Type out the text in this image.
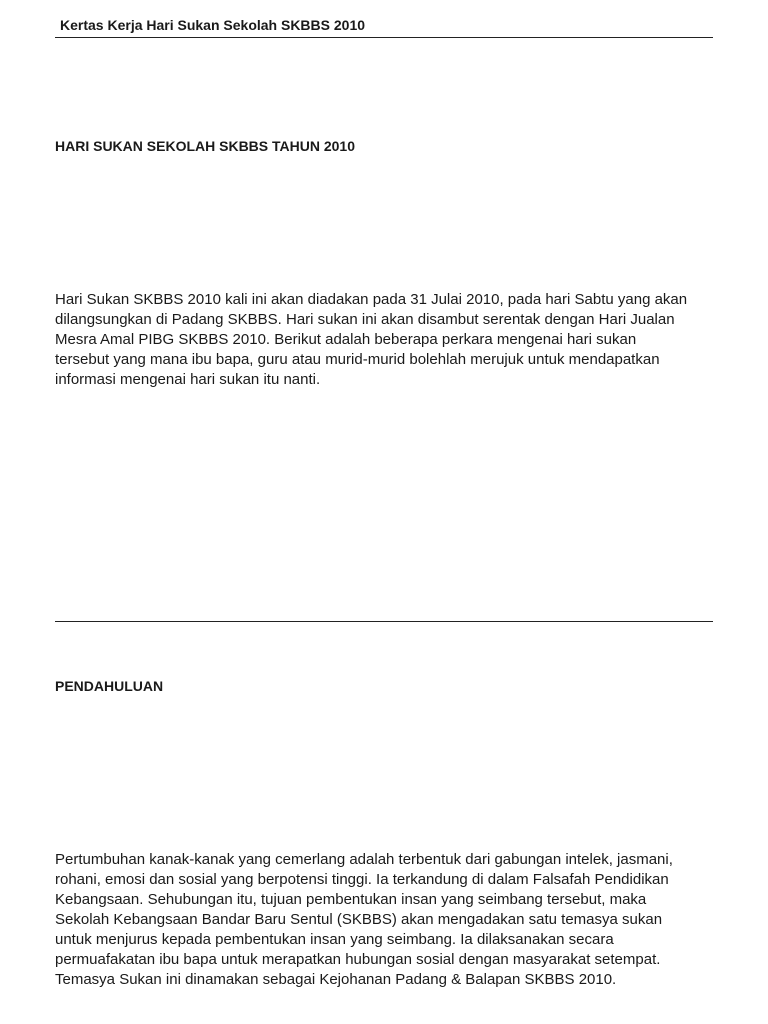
Kertas Kerja Hari Sukan Sekolah SKBBS 2010
HARI SUKAN SEKOLAH SKBBS TAHUN 2010
Hari Sukan SKBBS 2010 kali ini akan diadakan pada 31 Julai 2010, pada hari Sabtu yang akan
dilangsungkan di Padang SKBBS. Hari sukan ini akan disambut serentak dengan Hari Jualan
Mesra Amal PIBG SKBBS 2010. Berikut adalah beberapa perkara mengenai hari sukan
tersebut yang mana ibu bapa, guru atau murid-murid bolehlah merujuk untuk mendapatkan
informasi mengenai hari sukan itu nanti.
PENDAHULUAN
Pertumbuhan kanak-kanak yang cemerlang adalah terbentuk dari gabungan intelek, jasmani,
rohani, emosi dan sosial yang berpotensi tinggi. Ia terkandung di dalam Falsafah Pendidikan
Kebangsaan. Sehubungan itu, tujuan pembentukan insan yang seimbang tersebut, maka
Sekolah Kebangsaan Bandar Baru Sentul (SKBBS) akan mengadakan satu temasya sukan
untuk menjurus kepada pembentukan insan yang seimbang. Ia dilaksanakan secara
permuafakatan ibu bapa untuk merapatkan hubungan sosial dengan masyarakat setempat.
Temasya Sukan ini dinamakan sebagai Kejohanan Padang & Balapan SKBBS 2010.
